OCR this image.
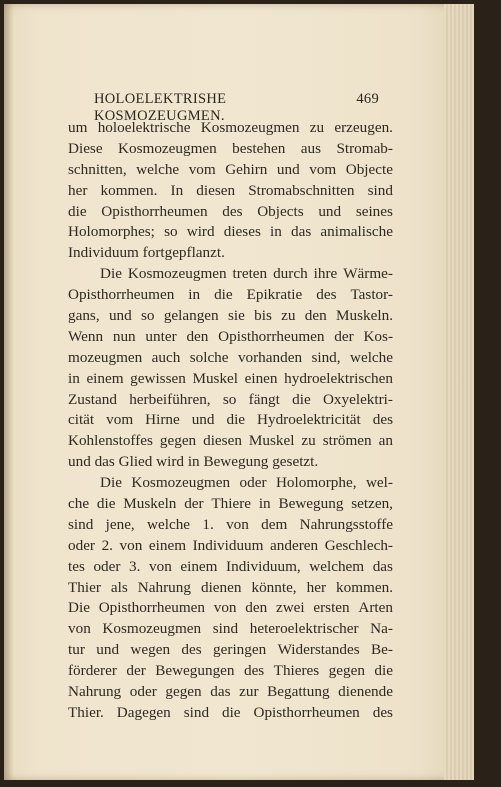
HOLOELEKTRISHE KOSMOZEUGMEN.
469
um holoelektrische Kosmozeugmen zu erzeugen.
Diese Kosmozeugmen bestehen aus Stromab-
schnitten, welche vom Gehirn und vom Objecte
her kommen. In diesen Stromabschnitten sind
die Opisthorrheumen des Objects und seines
Holomorphes; so wird dieses in das animalische
Individuum fortgepflanzt.
Die Kosmozeugmen treten durch ihre Wärme-
Opisthorrheumen in die Epikratie des Tastor-
gans, und so gelangen sie bis zu den Muskeln.
Wenn nun unter den Opisthorrheumen der Kos-
mozeugmen auch solche vorhanden sind, welche
in einem gewissen Muskel einen hydroelektrischen
Zustand herbeiführen, so fängt die Oxyelektri-
cität vom Hirne und die Hydroelektricität des
Kohlenstoffes gegen diesen Muskel zu strömen an
und das Glied wird in Bewegung gesetzt.
Die Kosmozeugmen oder Holomorphe, wel-
che die Muskeln der Thiere in Bewegung setzen,
sind jene, welche 1. von dem Nahrungsstoffe
oder 2. von einem Individuum anderen Geschlech-
tes oder 3. von einem Individuum, welchem das
Thier als Nahrung dienen könnte, her kommen.
Die Opisthorrheumen von den zwei ersten Arten
von Kosmozeugmen sind heteroelektrischer Na-
tur und wegen des geringen Widerstandes Be-
förderer der Bewegungen des Thieres gegen die
Nahrung oder gegen das zur Begattung dienende
Thier. Dagegen sind die Opisthorrheumen des
